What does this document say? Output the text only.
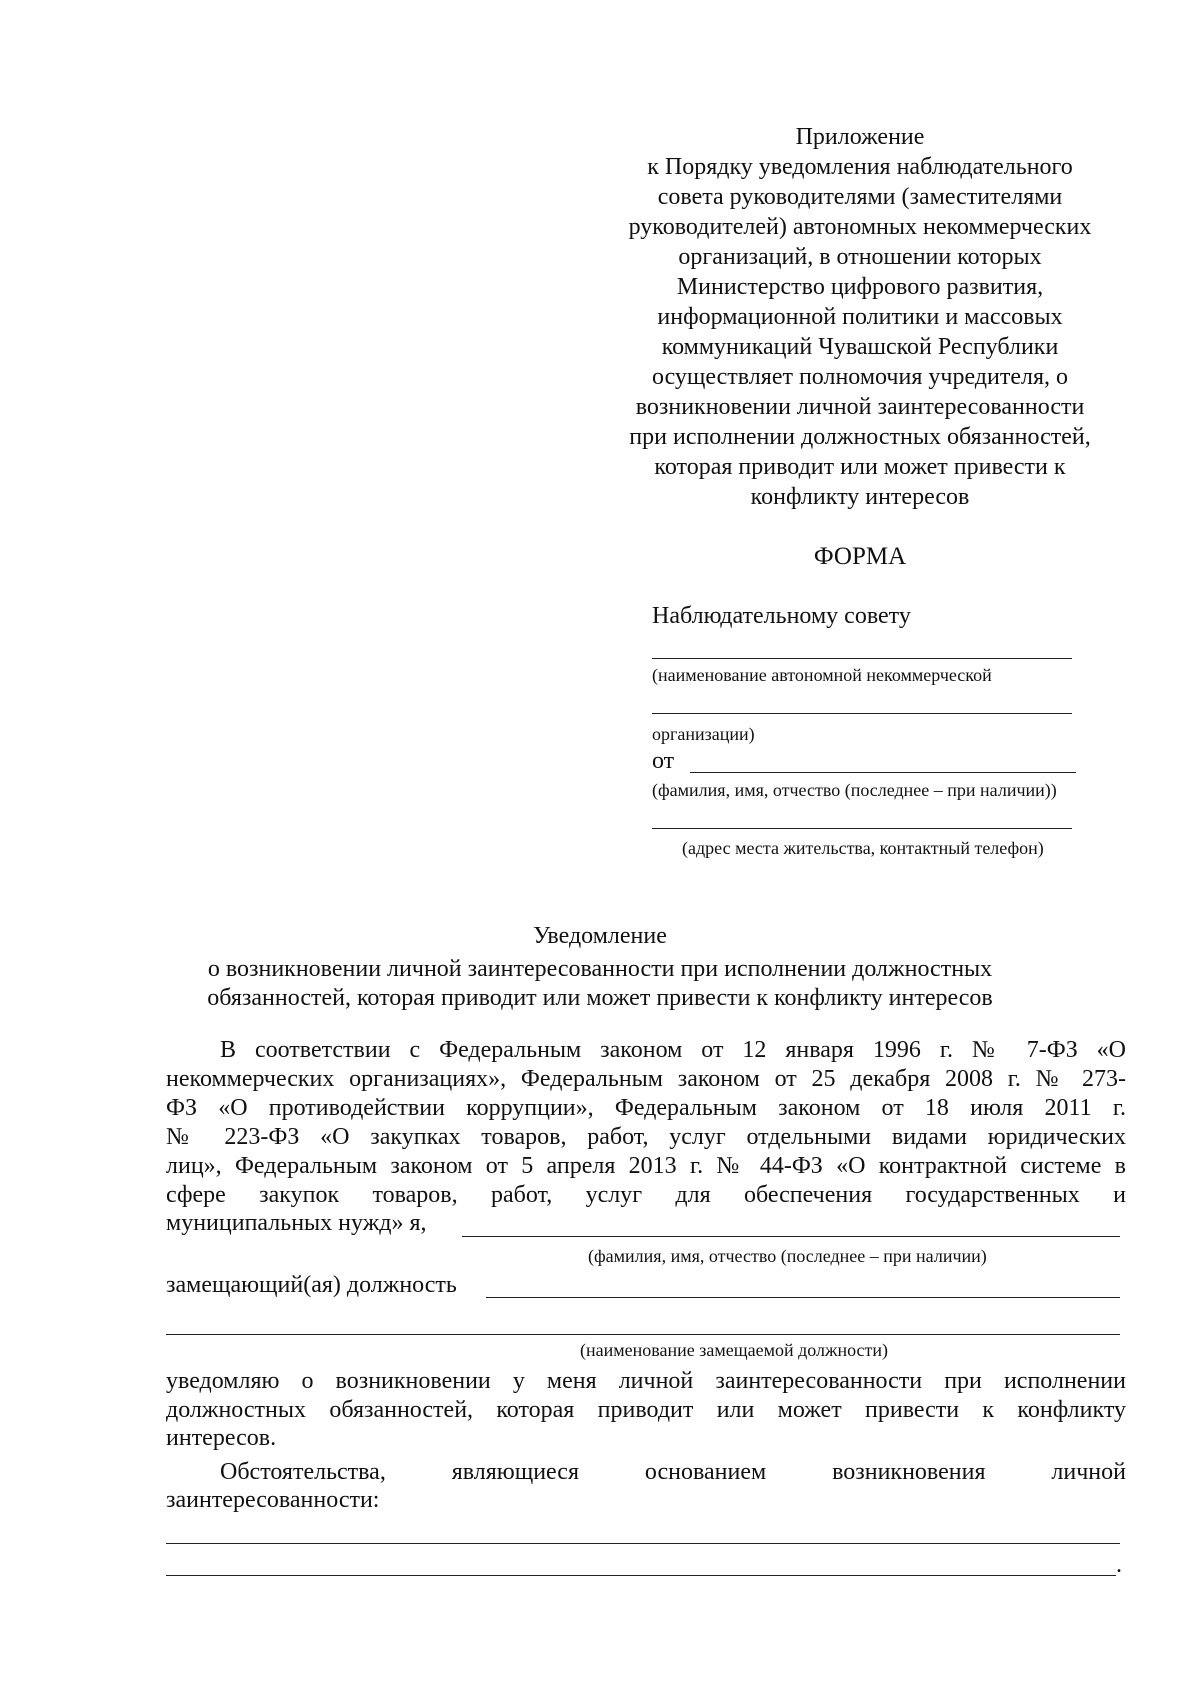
Приложение
к Порядку уведомления наблюдательного
совета руководителями (заместителями
руководителей) автономных некоммерческих
организаций, в отношении которых
Министерство цифрового развития,
информационной политики и массовых
коммуникаций Чувашской Республики
осуществляет полномочия учредителя, о
возникновении личной заинтересованности
при исполнении должностных обязанностей,
которая приводит или может привести к
конфликту интересов
ФОРМА
Наблюдательному совету
(наименование автономной некоммерческой
организации)
от
(фамилия, имя, отчество (последнее – при наличии))
(адрес места жительства, контактный телефон)
Уведомление
о возникновении личной заинтересованности при исполнении должностных
обязанностей, которая приводит или может привести к конфликту интересов
В соответствии с Федеральным законом от 12 января 1996 г. № 7-ФЗ «О
некоммерческих организациях», Федеральным законом от 25 декабря 2008 г. № 273-
ФЗ «О противодействии коррупции», Федеральным законом от 18 июля 2011 г.
№ 223-ФЗ «О закупках товаров, работ, услуг отдельными видами юридических
лиц», Федеральным законом от 5 апреля 2013 г. № 44-ФЗ «О контрактной системе в
сфере закупок товаров, работ, услуг для обеспечения государственных и
муниципальных нужд» я,
(фамилия, имя, отчество (последнее – при наличии)
замещающий(ая) должность
(наименование замещаемой должности)
уведомляю о возникновении у меня личной заинтересованности при исполнении
должностных обязанностей, которая приводит или может привести к конфликту
интересов.
Обстоятельства, являющиеся основанием возникновения личной
заинтересованности:
.
